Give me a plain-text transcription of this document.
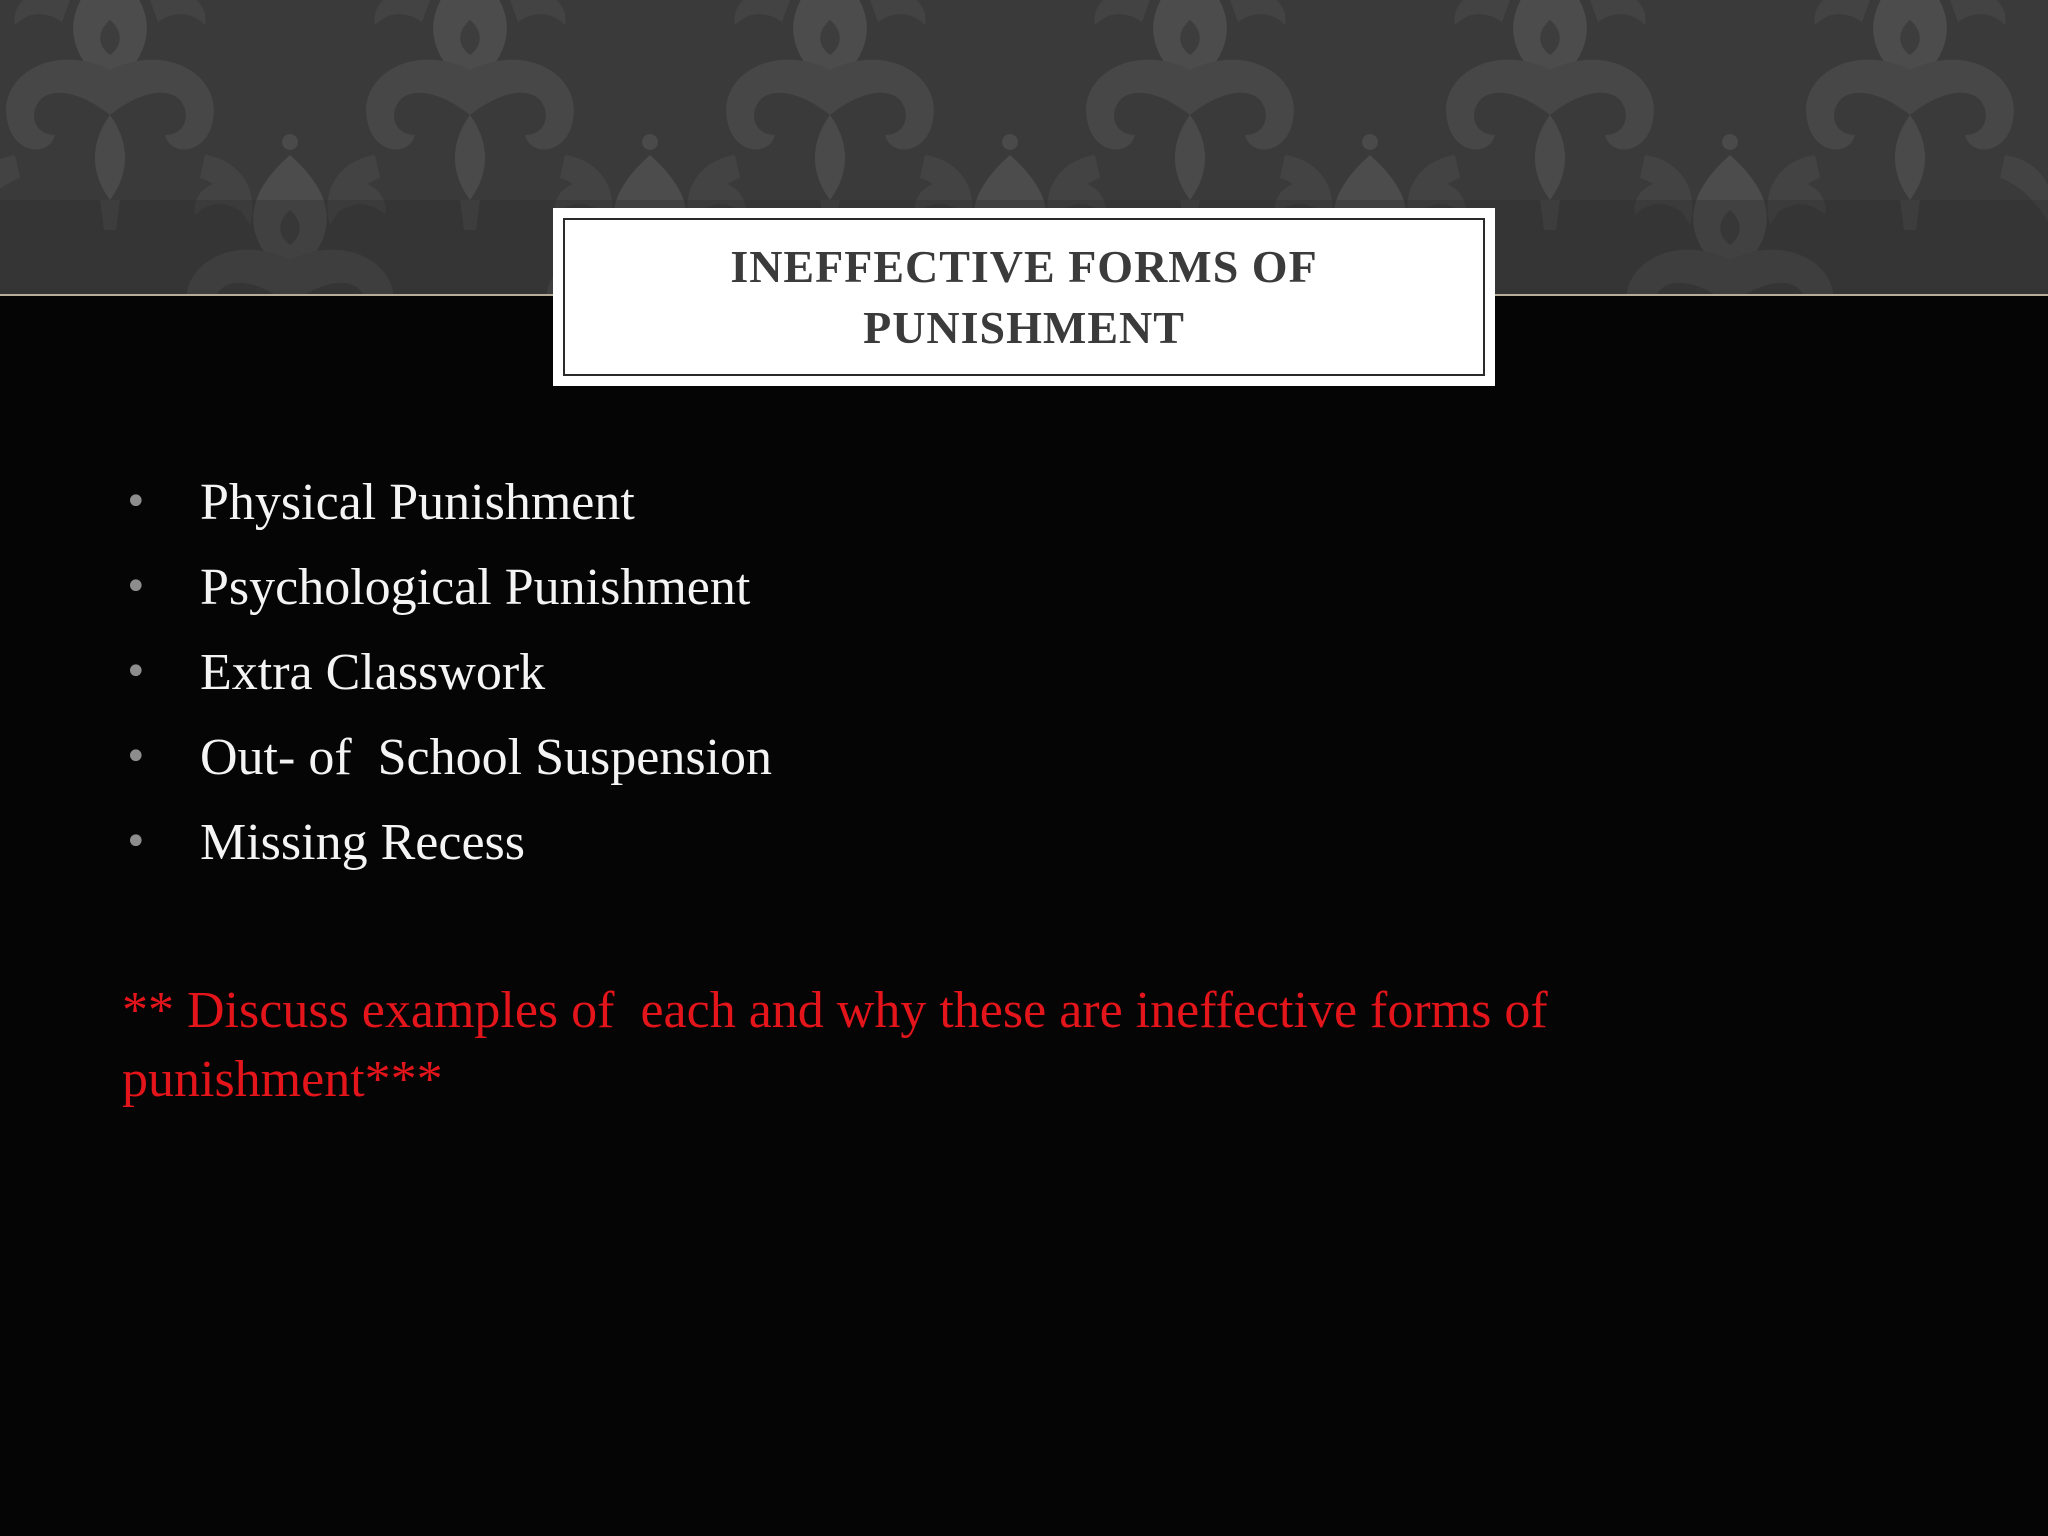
INEFFECTIVE FORMS OF PUNISHMENT
• Physical Punishment
• Psychological Punishment
• Extra Classwork
• Out- of  School Suspension
• Missing Recess
** Discuss examples of  each and why these are ineffective forms of punishment***
